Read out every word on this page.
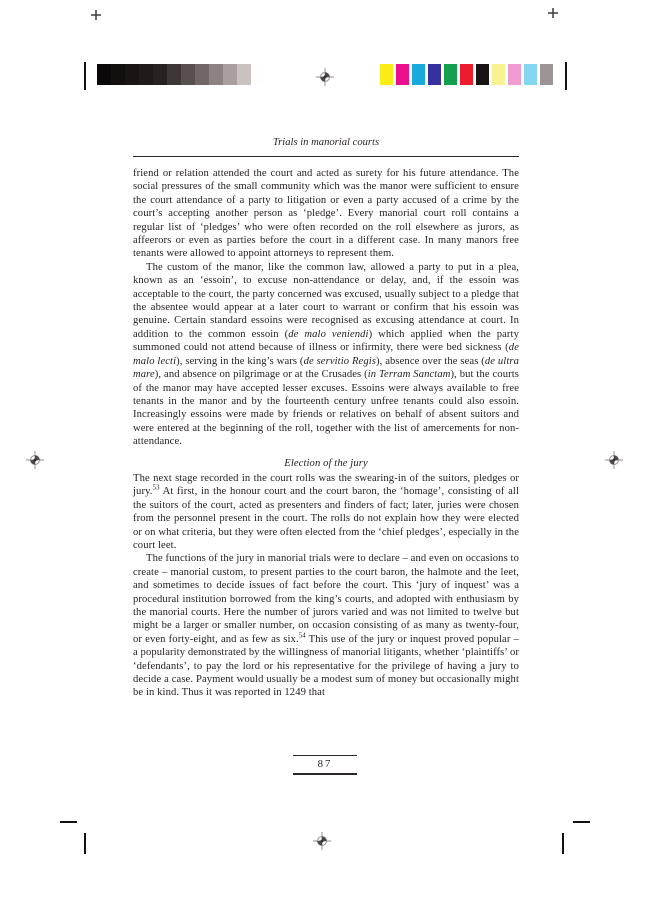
Trials in manorial courts

friend or relation attended the court and acted as surety for his future attendance. The social pressures of the small community which was the manor were sufficient to ensure the court attendance of a party to litigation or even a party accused of a crime by the court’s accepting another person as ‘pledge’. Every manorial court roll contains a regular list of ‘pledges’ who were often recorded on the roll elsewhere as jurors, as affeerors or even as parties before the court in a different case. In many manors free tenants were allowed to appoint attorneys to represent them.

The custom of the manor, like the common law, allowed a party to put in a plea, known as an ‘essoin’, to excuse non-attendance or delay, and, if the essoin was acceptable to the court, the party concerned was excused, usually subject to a pledge that the absentee would appear at a later court to warrant or confirm that his essoin was genuine. Certain standard essoins were recognised as excusing attendance at court. In addition to the common essoin (de malo veniendi) which applied when the party summoned could not attend because of illness or infirmity, there were bed sickness (de malo lecti), serving in the king’s wars (de servitio Regis), absence over the seas (de ultra mare), and absence on pilgrimage or at the Crusades (in Terram Sanctam), but the courts of the manor may have accepted lesser excuses. Essoins were always available to free tenants in the manor and by the fourteenth century unfree tenants could also essoin. Increasingly essoins were made by friends or relatives on behalf of absent suitors and were entered at the beginning of the roll, together with the list of amercements for non-attendance.

Election of the jury

The next stage recorded in the court rolls was the swearing-in of the suitors, pledges or jury.$^{53}$ At first, in the honour court and the court baron, the ‘homage’, consisting of all the suitors of the court, acted as presenters and finders of fact; later, juries were chosen from the personnel present in the court. The rolls do not explain how they were elected or on what criteria, but they were often elected from the ‘chief pledges’, especially in the court leet.

The functions of the jury in manorial trials were to declare – and even on occasions to create – manorial custom, to present parties to the court baron, the halmote and the leet, and sometimes to decide issues of fact before the court. This ‘jury of inquest’ was a procedural institution borrowed from the king’s courts, and adopted with enthusiasm by the manorial courts. Here the number of jurors varied and was not limited to twelve but might be a larger or smaller number, on occasion consisting of as many as twenty-four, or even forty-eight, and as few as six.$^{54}$ This use of the jury or inquest proved popular – a popularity demonstrated by the willingness of manorial litigants, whether ‘plaintiffs’ or ‘defendants’, to pay the lord or his representative for the privilege of having a jury to decide a case. Payment would usually be a modest sum of money but occasionally might be in kind. Thus it was reported in 1249 that

87
